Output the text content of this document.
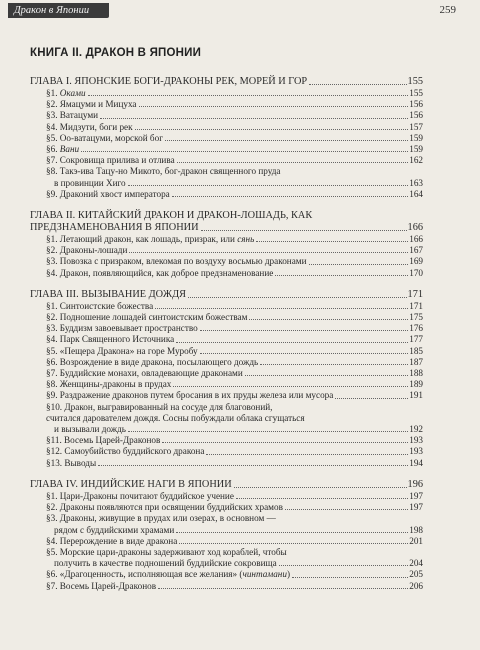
Дракон в Японии	259
КНИГА II. ДРАКОН В ЯПОНИИ
ГЛАВА I. ЯПОНСКИЕ БОГИ-ДРАКОНЫ РЕК, МОРЕЙ И ГОР	155
§1. Оками	155
§2. Ямацуми и Мицуха	156
§3. Ватацуми	156
§4. Мидзути, боги рек	157
§5. Оо-ватацуми, морской бог	159
§6. Вани	159
§7. Сокровища прилива и отлива	162
§8. Такэ-ива Тацу-но Микото, бог-дракон священного пруда
в провинции Хиго	163
§9. Драконий хвост императора	164
ГЛАВА II. КИТАЙСКИЙ ДРАКОН И ДРАКОН-ЛОШАДЬ, КАК
ПРЕДЗНАМЕНОВАНИЯ В ЯПОНИИ	166
§1. Летающий дракон, как лошадь, призрак, или сянь	166
§2. Драконы-лошади	167
§3. Повозка с призраком, влекомая по воздуху восьмью драконами	169
§4. Дракон, появляющийся, как доброе предзнаменование	170
ГЛАВА III. ВЫЗЫВАНИЕ ДОЖДЯ	171
§1. Синтоистские божества	171
§2. Подношение лошадей синтоистским божествам	175
§3. Буддизм завоевывает пространство	176
§4. Парк Священного Источника	177
§5. «Пещера Дракона» на горе Муробу	185
§6. Возрождение в виде дракона, посылающего дождь	187
§7. Буддийские монахи, овладевающие драконами	188
§8. Женщины-драконы в прудах	189
§9. Раздражение драконов путем бросания в их пруды железа или мусора	191
§10. Дракон, выгравированный на сосуде для благовоний,
считался дарователем дождя. Сосны побуждали облака сгущаться
и вызывали дождь	192
§11. Восемь Царей-Драконов	193
§12. Самоубийство буддийского дракона	193
§13. Выводы	194
ГЛАВА IV. ИНДИЙСКИЕ НАГИ В ЯПОНИИ	196
§1. Цари-Драконы почитают буддийское учение	197
§2. Драконы появляются при освящении буддийских храмов	197
§3. Драконы, живущие в прудах или озерах, в основном —
рядом с буддийскими храмами	198
§4. Перерождение в виде дракона	201
§5. Морские цари-драконы задерживают ход кораблей, чтобы
получить в качестве подношений буддийские сокровища	204
§6. «Драгоценность, исполняющая все желания» (чинтамани)	205
§7. Восемь Царей-Драконов	206
